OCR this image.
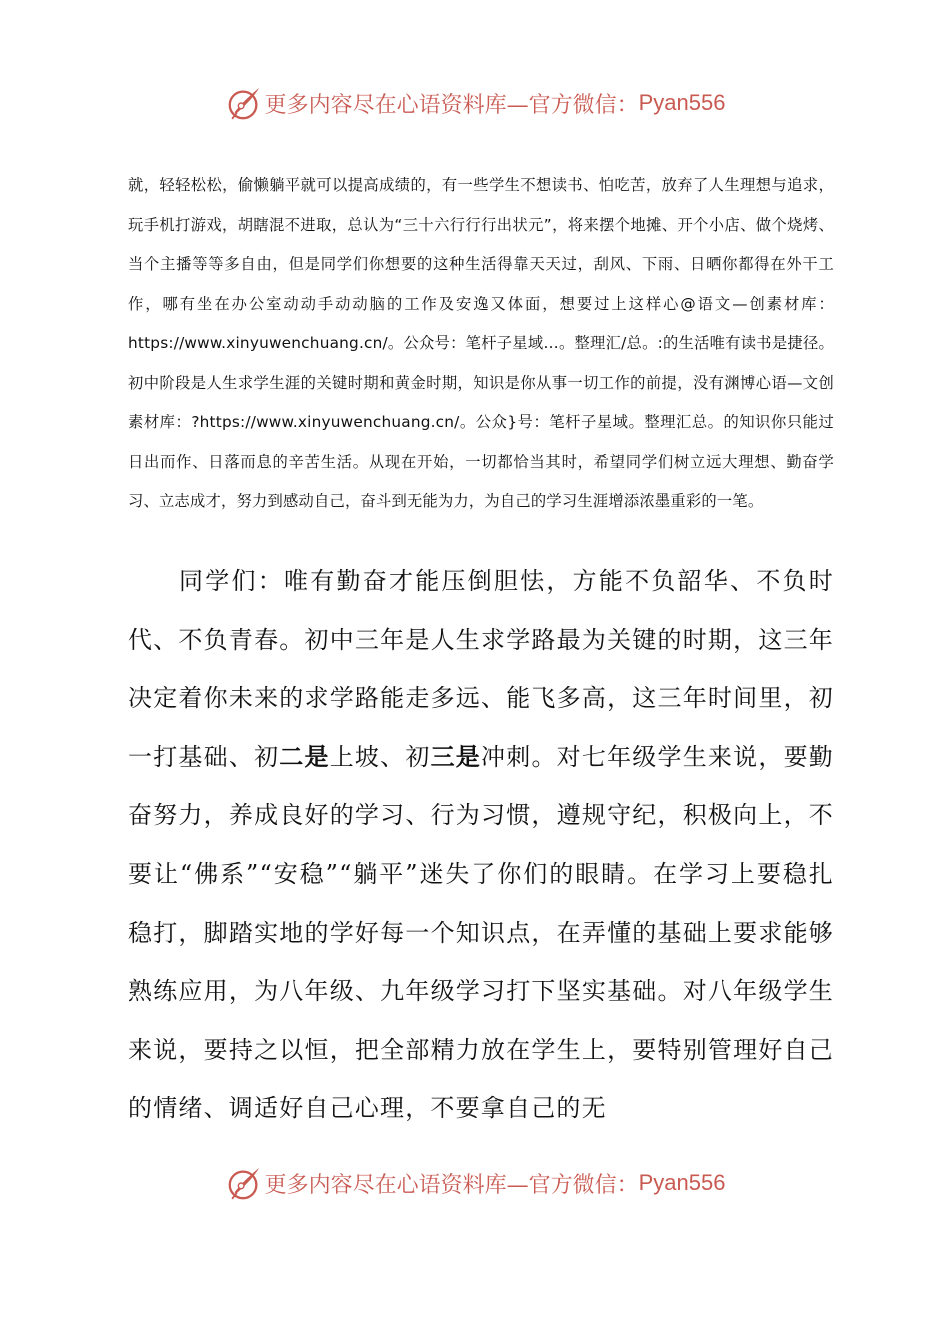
更多内容尽在心语资料库—官方微信： Pyan556

就，轻轻松松，偷懒躺平就可以提高成绩的，有一些学生不想读书、怕吃苦，放弃了人生理想与追求，玩手机打游戏，胡瞎混不进取，总认为“三十六行行行出状元”，将来摆个地摊、开个小店、做个烧烤、当个主播等等多自由，但是同学们你想要的这种生活得靠天天过，刮风、下雨、日晒你都得在外干工作，哪有坐在办公室动动手动动脑的工作及安逸又体面，想要过上这样心@语文—创素材库：https://www.xinyuwenchuang.cn/。公众号：笔杆子星域…。整理汇/总。:的生活唯有读书是捷径。初中阶段是人生求学生涯的关键时期和黄金时期，知识是你从事一切工作的前提，没有渊博心语—文创素材库：?https://www.xinyuwenchuang.cn/。公众}号：笔杆子星域。整理汇总。的知识你只能过日出而作、日落而息的辛苦生活。从现在开始，一切都恰当其时，希望同学们树立远大理想、勤奋学习、立志成才，努力到感动自己，奋斗到无能为力，为自己的学习生涯增添浓墨重彩的一笔。

同学们：唯有勤奋才能压倒胆怯，方能不负韶华、不负时代、不负青春。初中三年是人生求学路最为关键的时期，这三年决定着你未来的求学路能走多远、能飞多高，这三年时间里，初一打基础、初二是上坡、初三是冲刺。对七年级学生来说，要勤奋努力，养成良好的学习、行为习惯，遵规守纪，积极向上，不要让“佛系”“安稳”“躺平”迷失了你们的眼睛。在学习上要稳扎稳打，脚踏实地的学好每一个知识点，在弄懂的基础上要求能够熟练应用，为八年级、九年级学习打下坚实基础。对八年级学生来说，要持之以恒，把全部精力放在学生上，要特别管理好自己的情绪、调适好自己心理，不要拿自己的无

更多内容尽在心语资料库—官方微信： Pyan556
